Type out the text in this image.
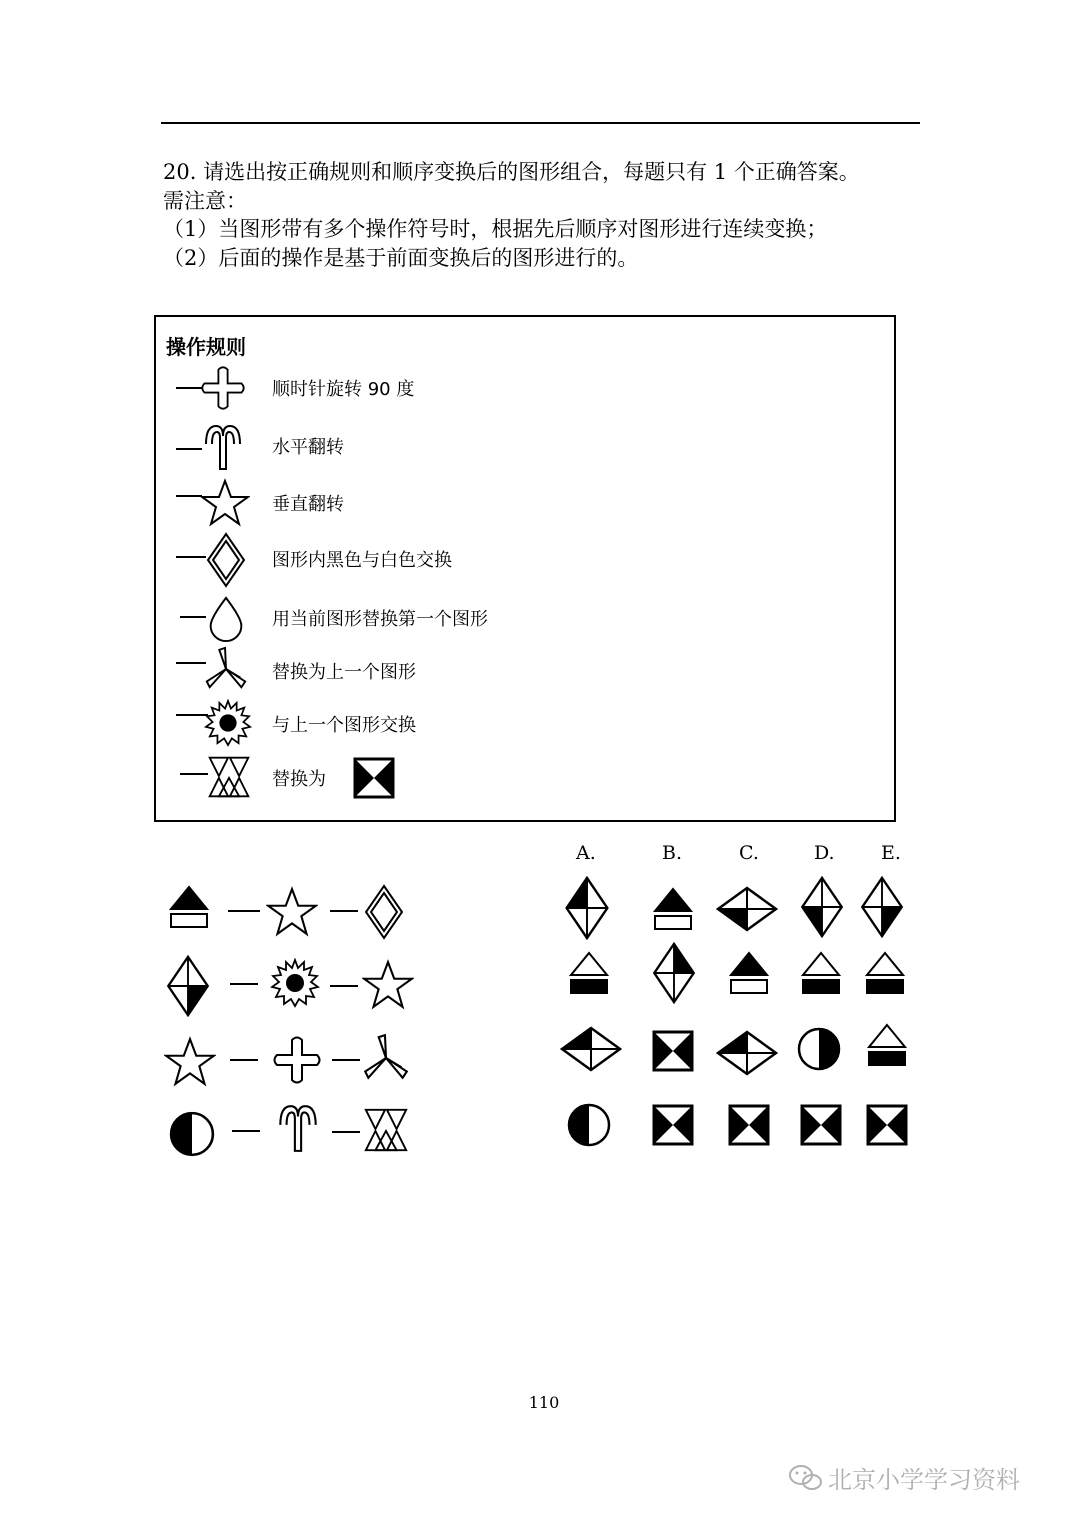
20. 请选出按正确规则和顺序变换后的图形组合，每题只有 1 个正确答案。
需注意：
（1）当图形带有多个操作符号时，根据先后顺序对图形进行连续变换；
（2）后面的操作是基于前面变换后的图形进行的。
操作规则
顺时针旋转 90 度
水平翻转
垂直翻转
图形内黑色与白色交换
用当前图形替换第一个图形
替换为上一个图形
与上一个图形交换
替换为
A.	B.	C.	D. E.
110
北京小学学习资料
